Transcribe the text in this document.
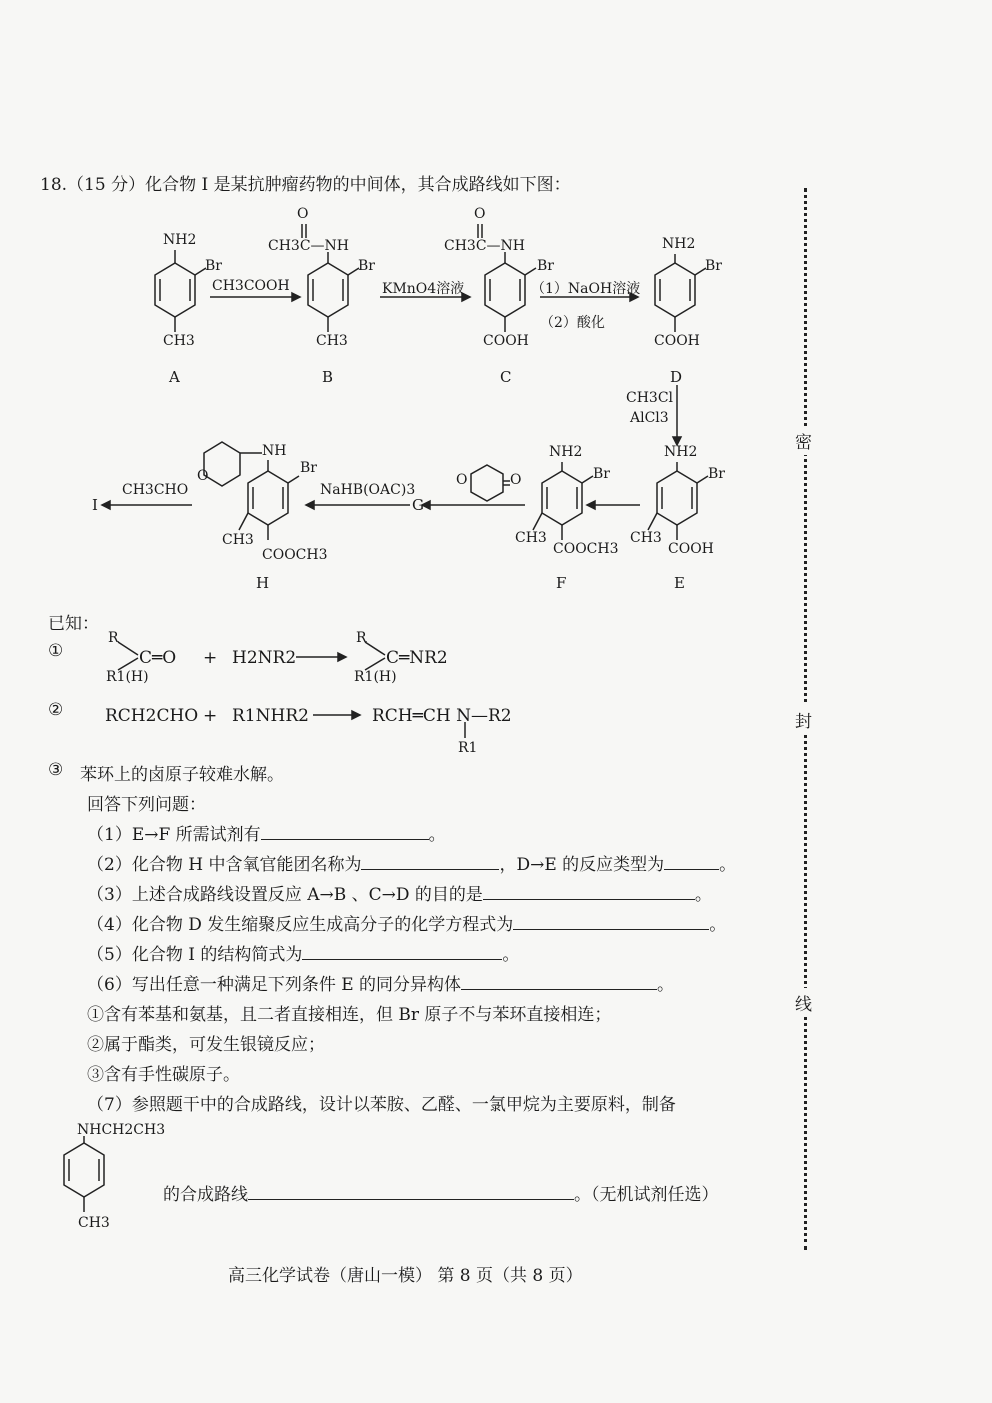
18.（15 分）化合物 I 是某抗肿瘤药物的中间体，其合成路线如下图：
NH2
Br
CH3
A
O
CH3C—NH
Br
CH3
B
O
CH3C—NH
Br
COOH
C
NH2
Br
COOH
D
NH2
Br
CH3
COOH
E
NH2
Br
CH3
COOCH3
F
NH
Br
O
CH3
COOCH3
H
G
I
CH3COOH	KMnO4溶液	（1）NaOH溶液
（2）酸化
CH3Cl
AlCl3
O	O
NaHB(OAC)3
CH3CHO
已知：
①
R
R1(H)
C═O + H2NR2
R
R1(H)
C═NR2
② RCH2CHO + R1NHR2	RCH═CH N—R2
R1
③ 苯环上的卤原子较难水解。
回答下列问题：
（1）E→F 所需试剂有	。
（2）化合物 H 中含氧官能团名称为	，D→E 的反应类型为	。
（3）上述合成路线设置反应 A→B 、C→D 的目的是	。
（4）化合物 D 发生缩聚反应生成高分子的化学方程式为	。
（5）化合物 I 的结构简式为	。
（6）写出任意一种满足下列条件 E 的同分异构体	。
①含有苯基和氨基，且二者直接相连，但 Br 原子不与苯环直接相连；
②属于酯类，可发生银镜反应；
③含有手性碳原子。
（7）参照题干中的合成路线，设计以苯胺、乙醛、一氯甲烷为主要原料，制备
NHCH2CH3
CH3
的合成路线	。（无机试剂任选）
高三化学试卷（唐山一模） 第 8 页（共 8 页）
密
封
线
